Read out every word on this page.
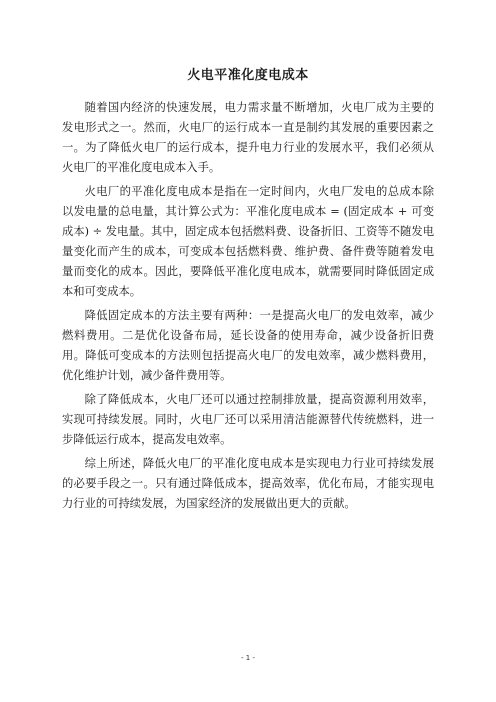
火电平准化度电成本

随着国内经济的快速发展，电力需求量不断增加，火电厂成为主要的发电形式之一。然而，火电厂的运行成本一直是制约其发展的重要因素之一。为了降低火电厂的运行成本，提升电力行业的发展水平，我们必须从火电厂的平准化度电成本入手。

火电厂的平准化度电成本是指在一定时间内，火电厂发电的总成本除以发电量的总电量，其计算公式为：平准化度电成本 = (固定成本 + 可变成本) ÷ 发电量。其中，固定成本包括燃料费、设备折旧、工资等不随发电量变化而产生的成本，可变成本包括燃料费、维护费、备件费等随着发电量而变化的成本。因此，要降低平准化度电成本，就需要同时降低固定成本和可变成本。

降低固定成本的方法主要有两种：一是提高火电厂的发电效率，减少燃料费用。二是优化设备布局，延长设备的使用寿命，减少设备折旧费用。降低可变成本的方法则包括提高火电厂的发电效率，减少燃料费用，优化维护计划，减少备件费用等。

除了降低成本，火电厂还可以通过控制排放量，提高资源利用效率，实现可持续发展。同时，火电厂还可以采用清洁能源替代传统燃料，进一步降低运行成本，提高发电效率。

综上所述，降低火电厂的平准化度电成本是实现电力行业可持续发展的必要手段之一。只有通过降低成本，提高效率，优化布局，才能实现电力行业的可持续发展，为国家经济的发展做出更大的贡献。

- 1 -
